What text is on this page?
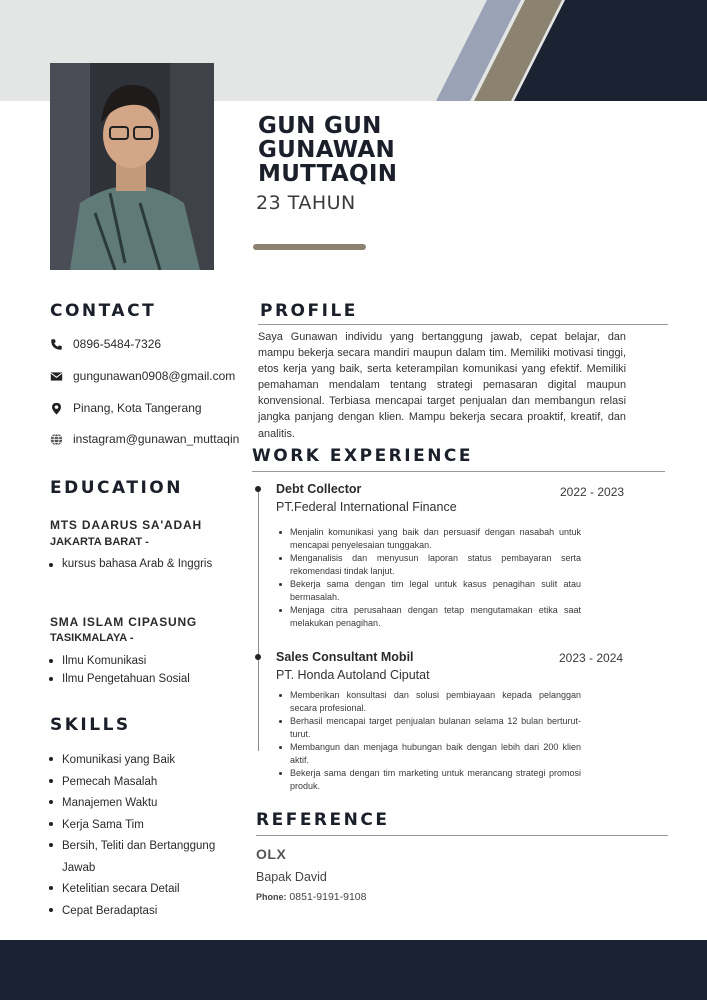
GUN GUN
GUNAWAN
MUTTAQIN
23 TAHUN
CONTACT
0896-5484-7326
gungunawan0908@gmail.com
Pinang, Kota Tangerang
instagram@gunawan_muttaqin
EDUCATION
MTS DAARUS SA'ADAH
JAKARTA BARAT -
kursus bahasa Arab & Inggris
SMA ISLAM CIPASUNG
TASIKMALAYA -
Ilmu Komunikasi
Ilmu Pengetahuan Sosial
SKILLS
Komunikasi yang Baik
Pemecah Masalah
Manajemen Waktu
Kerja Sama Tim
Bersih, Teliti dan Bertanggung Jawab
Ketelitian secara Detail
Cepat Beradaptasi
PROFILE
Saya Gunawan individu yang bertanggung jawab, cepat belajar, dan mampu bekerja secara mandiri maupun dalam tim. Memiliki motivasi tinggi, etos kerja yang baik, serta keterampilan komunikasi yang efektif. Memiliki pemahaman mendalam tentang strategi pemasaran digital maupun konvensional. Terbiasa mencapai target penjualan dan membangun relasi jangka panjang dengan klien. Mampu bekerja secara proaktif, kreatif, dan analitis.
WORK EXPERIENCE
Debt Collector	2022 - 2023
PT.Federal International Finance
Menjalin komunikasi yang baik dan persuasif dengan nasabah untuk mencapai penyelesaian tunggakan.
Menganalisis dan menyusun laporan status pembayaran serta rekomendasi tindak lanjut.
Bekerja sama dengan tim legal untuk kasus penagihan sulit atau bermasalah.
Menjaga citra perusahaan dengan tetap mengutamakan etika saat melakukan penagihan.
Sales Consultant Mobil	2023 - 2024
PT. Honda Autoland Ciputat
Memberikan konsultasi dan solusi pembiayaan kepada pelanggan secara profesional.
Berhasil mencapai target penjualan bulanan selama 12 bulan berturut-turut.
Membangun dan menjaga hubungan baik dengan lebih dari 200 klien aktif.
Bekerja sama dengan tim marketing untuk merancang strategi promosi produk.
REFERENCE
OLX
Bapak David
Phone: 0851-9191-9108
